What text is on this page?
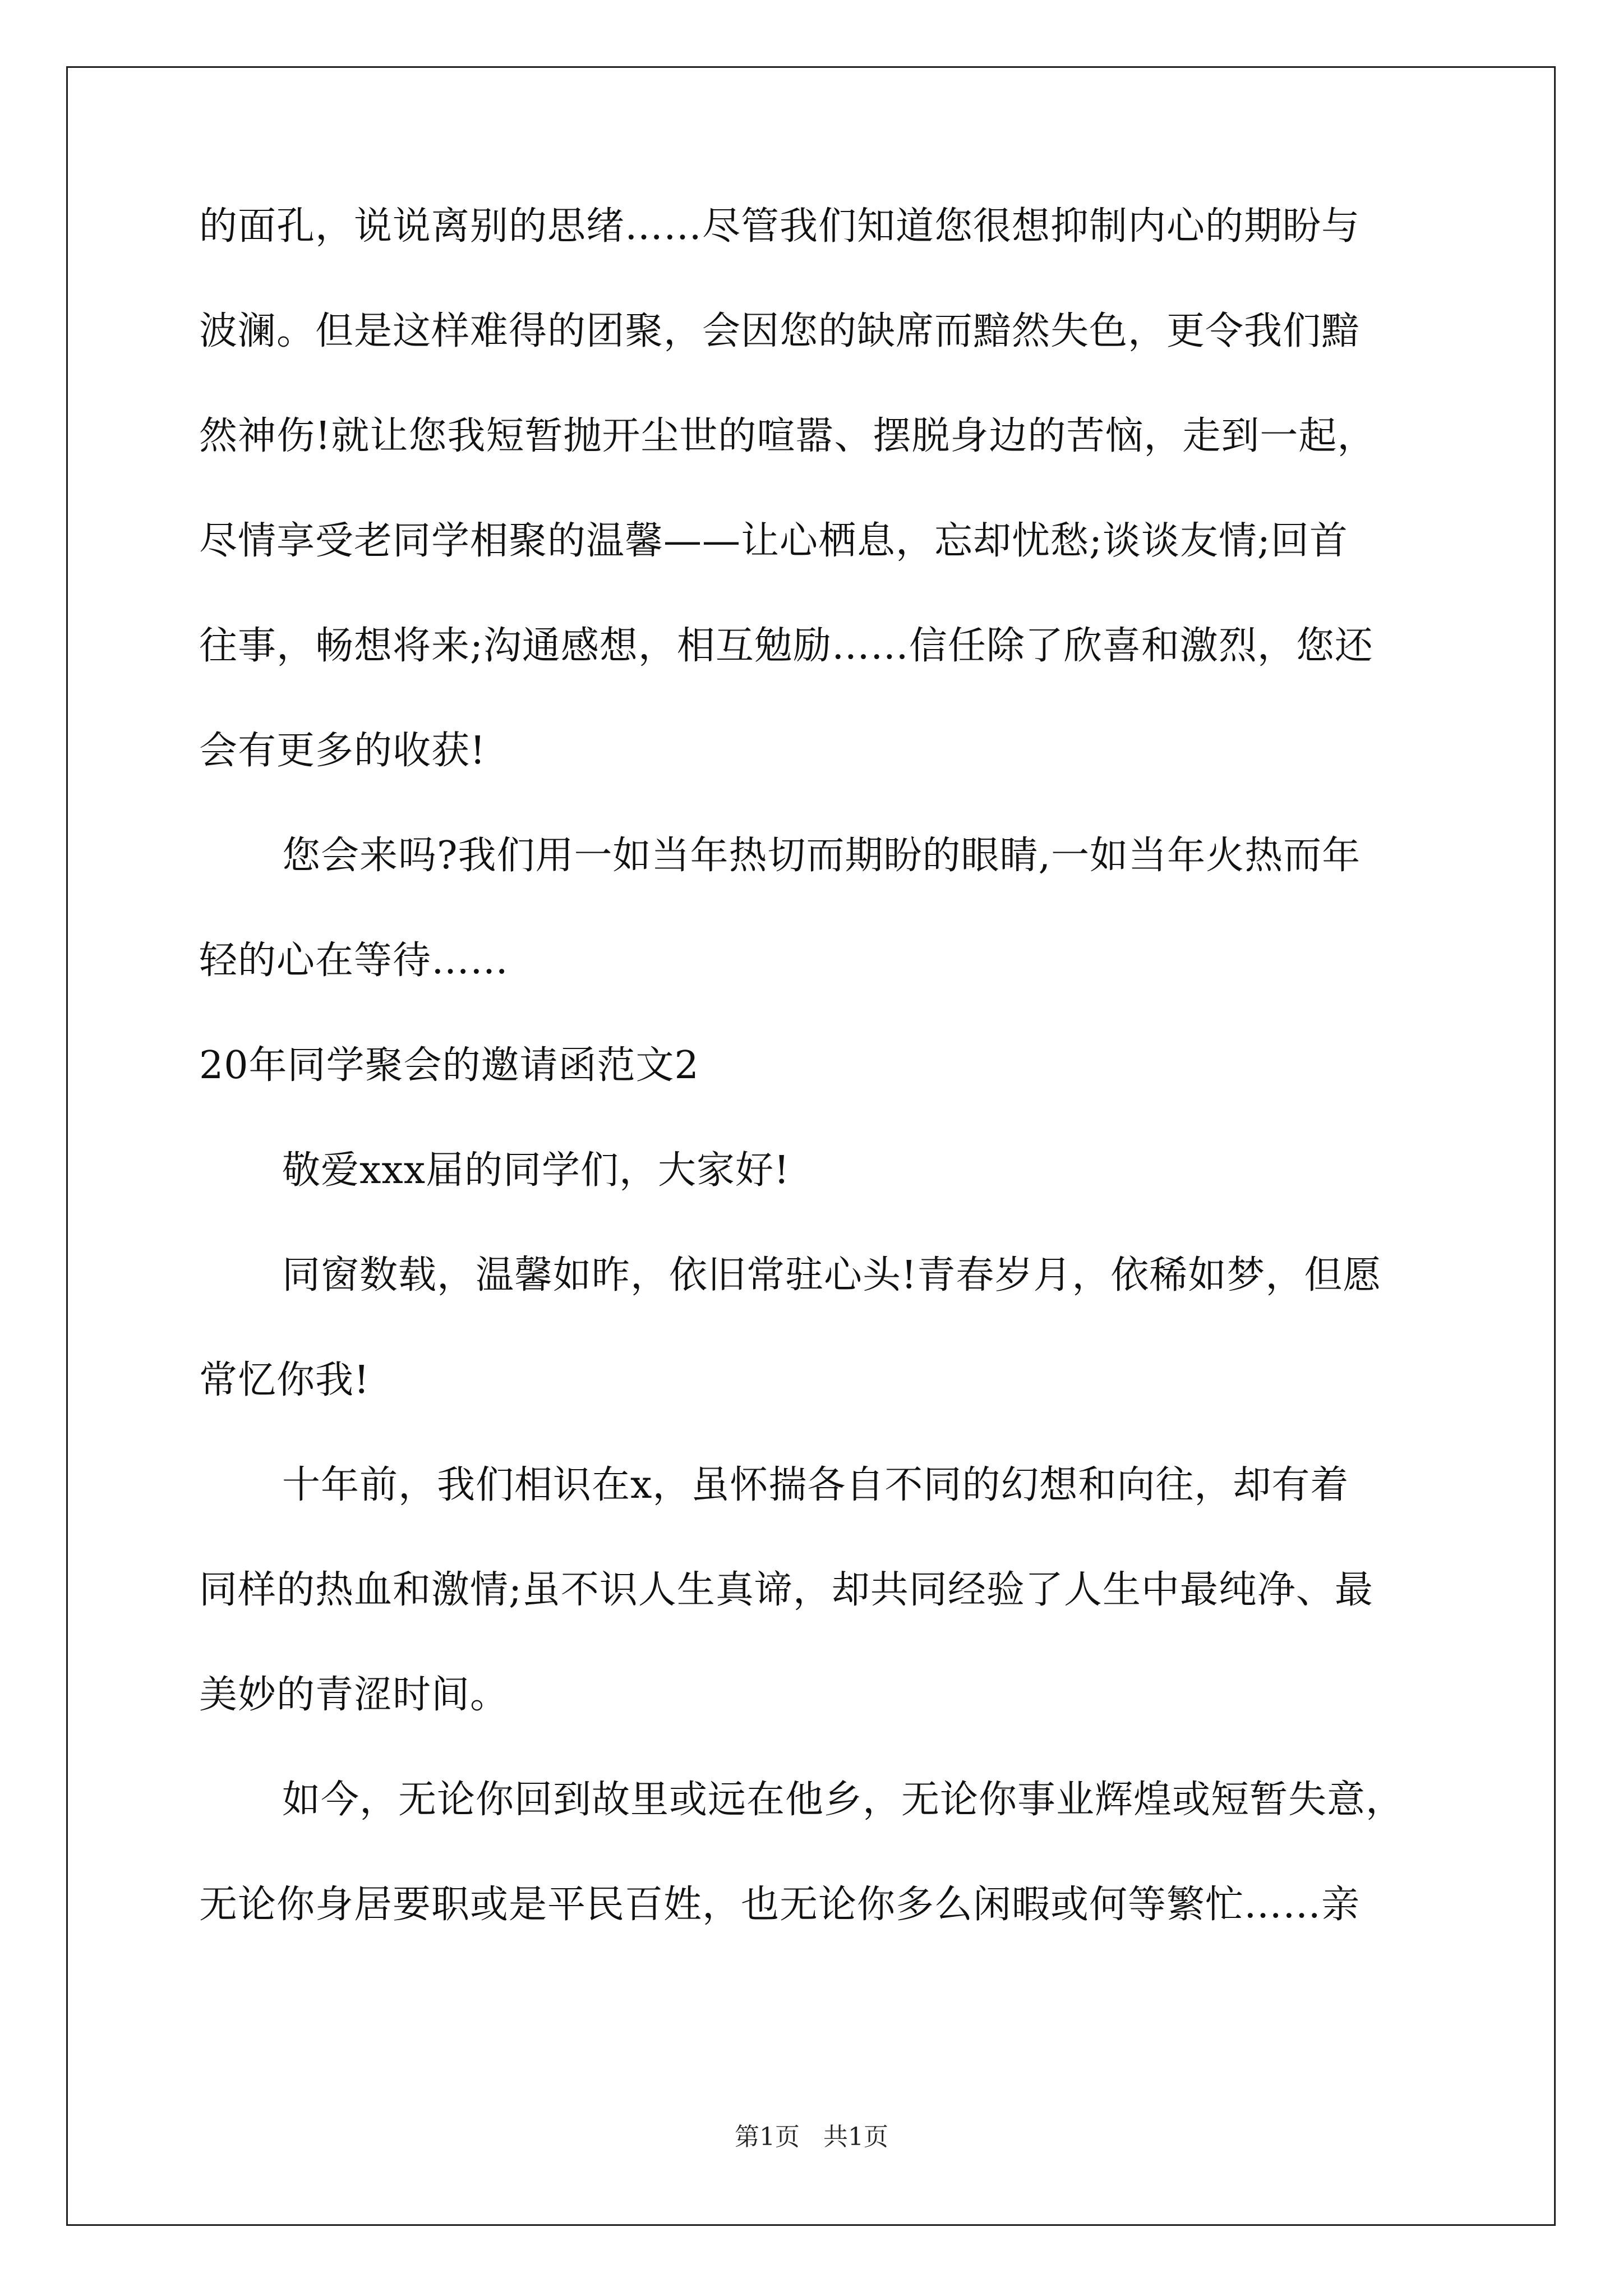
的面孔，说说离别的思绪……尽管我们知道您很想抑制内心的期盼与
波澜。但是这样难得的团聚，会因您的缺席而黯然失色，更令我们黯
然神伤!就让您我短暂抛开尘世的喧嚣、摆脱身边的苦恼，走到一起，
尽情享受老同学相聚的温馨——让心栖息，忘却忧愁;谈谈友情;回首
往事，畅想将来;沟通感想，相互勉励……信任除了欣喜和激烈，您还
会有更多的收获!
您会来吗?我们用一如当年热切而期盼的眼睛,一如当年火热而年
轻的心在等待……
20年同学聚会的邀请函范文2
敬爱xxx届的同学们，大家好!
同窗数载，温馨如昨，依旧常驻心头!青春岁月，依稀如梦，但愿
常忆你我!
十年前，我们相识在x，虽怀揣各自不同的幻想和向往，却有着
同样的热血和激情;虽不识人生真谛，却共同经验了人生中最纯净、最
美妙的青涩时间。
如今，无论你回到故里或远在他乡，无论你事业辉煌或短暂失意，
无论你身居要职或是平民百姓，也无论你多么闲暇或何等繁忙……亲
第1页   共1页
